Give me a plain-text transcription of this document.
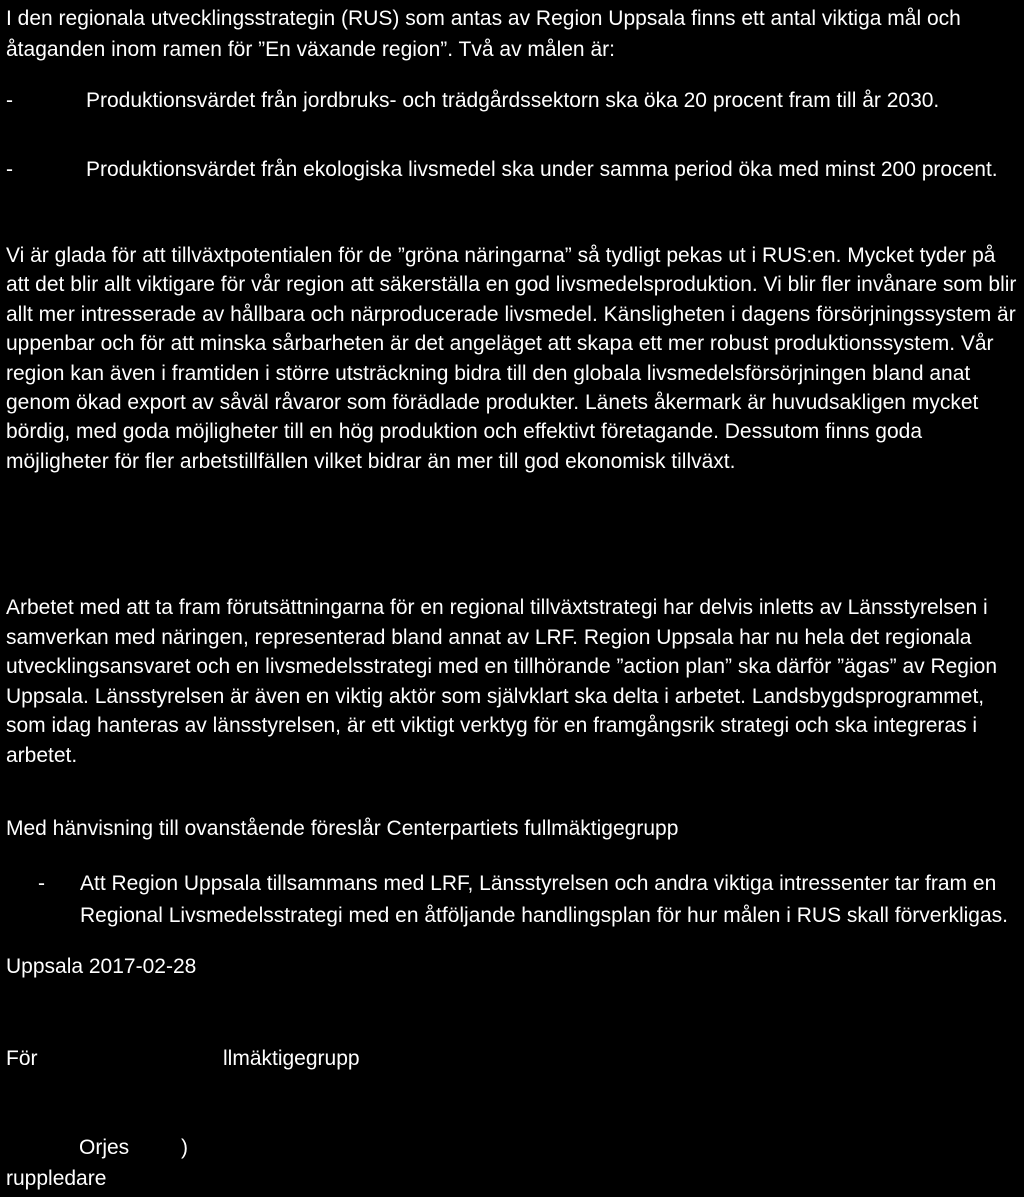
I den regionala utvecklingsstrategin (RUS) som antas av Region Uppsala finns ett antal viktiga mål och åtaganden inom ramen för ”En växande region”. Två av målen är:

-	Produktionsvärdet från jordbruks- och trädgårdssektorn ska öka 20 procent fram till år 2030.
-	Produktionsvärdet från ekologiska livsmedel ska under samma period öka med minst 200 procent.

Vi är glada för att tillväxtpotentialen för de ”gröna näringarna” så tydligt pekas ut i RUS:en. Mycket tyder på att det blir allt viktigare för vår region att säkerställa en god livsmedelsproduktion. Vi blir fler invånare som blir allt mer intresserade av hållbara och närproducerade livsmedel. Känsligheten i dagens försörjningssystem är uppenbar och för att minska sårbarheten är det angeläget att skapa ett mer robust produktionssystem. Vår region kan även i framtiden i större utsträckning bidra till den globala livsmedelsförsörjningen bland anat genom ökad export av såväl råvaror som förädlade produkter. Länets åkermark är huvudsakligen mycket bördig, med goda möjligheter till en hög produktion och effektivt företagande. Dessutom finns goda möjligheter för fler arbetstillfällen vilket bidrar än mer till god ekonomisk tillväxt.

Arbetet med att ta fram förutsättningarna för en regional tillväxtstrategi har delvis inletts av Länsstyrelsen i samverkan med näringen, representerad bland annat av LRF. Region Uppsala har nu hela det regionala utvecklingsansvaret och en livsmedelsstrategi med en tillhörande ”action plan” ska därför ”ägas” av Region Uppsala. Länsstyrelsen är även en viktig aktör som självklart ska delta i arbetet. Landsbygdsprogrammet, som idag hanteras av länsstyrelsen, är ett viktigt verktyg för en framgångsrik strategi och ska integreras i arbetet.

Med hänvisning till ovanstående föreslår Centerpartiets fullmäktigegrupp

- Att Region Uppsala tillsammans med LRF, Länsstyrelsen och andra viktiga intressenter tar fram en Regional Livsmedelsstrategi med en åtföljande handlingsplan för hur målen i RUS skall förverkligas.

Uppsala 2017-02-28

För	llmäktigegrupp
Orjes )
ruppledare
